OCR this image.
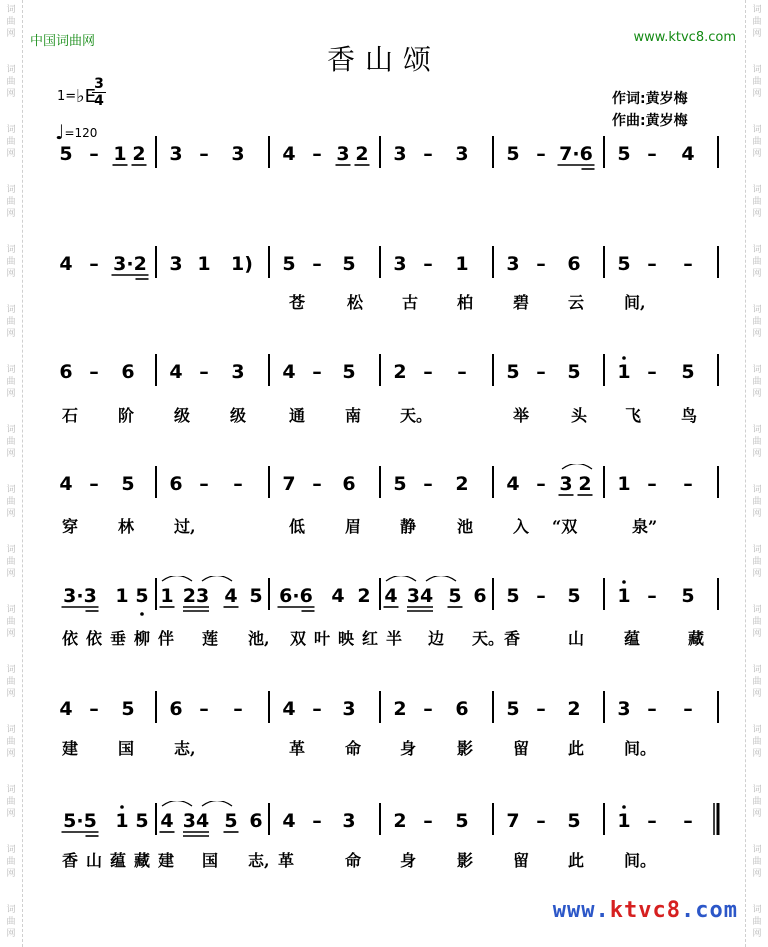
词
曲
网
词
曲
网
词
曲
网
词
曲
网
词
曲
网
词
曲
网
词
曲
网
词
曲
网
词
曲
网
词
曲
网
词
曲
网
词
曲
网
词
曲
网
词
曲
网
词
曲
网
词
曲
网
词
曲
网
词
曲
网
词
曲
网
词
曲
网
词
曲
网
词
曲
网
词
曲
网
词
曲
网
词
曲
网
词
曲
网
词
曲
网
词
曲
网
词
曲
网
词
曲
网
词
曲
网
词
曲
网
中国词曲网	www.ktvc8.com
香山颂
1=♭E
3
4
♩=120
作词:黄岁梅
作曲:黄岁梅
5 – 1 2 3 – 3 4 – 3 2 3 – 3 5 – 7·6 5 – 4
4 – 3·2 3 1 1) 5 – 5 3 – 1 3 – 6 5 – –
苍	松 古 柏 碧 云 间,
6 – 6 4 – 3 4 – 5 2 – – 5 – 5 1 – 5
石 阶 级 级	通 南 天。	举	头 飞 鸟
4 – 5 6 – – 7 – 6 5 – 2 4 – 3 2 1 – –
穿 林 过,	低 眉 静	池 入 “双	泉”
3·3 1 5 1 23 4 5 6·6 4 2 4 34 5 6 5 – 5 1 – 5
依 依 垂 柳 伴 莲 池, 双 叶 映 红 半 边 天。 香	山 蕴	藏
4 – 5 6 – – 4 – 3 2 – 6 5 – 2 3 – –
建 国 志,	革 命 身	影 留 此 间。
5·5 1 5 4 34 5 6 4 – 3 2 – 5 7 – 5 1 – –
香 山 蕴 藏 建 国 志, 革	命 身	影 留 此 间。
www.ktvc8.com
